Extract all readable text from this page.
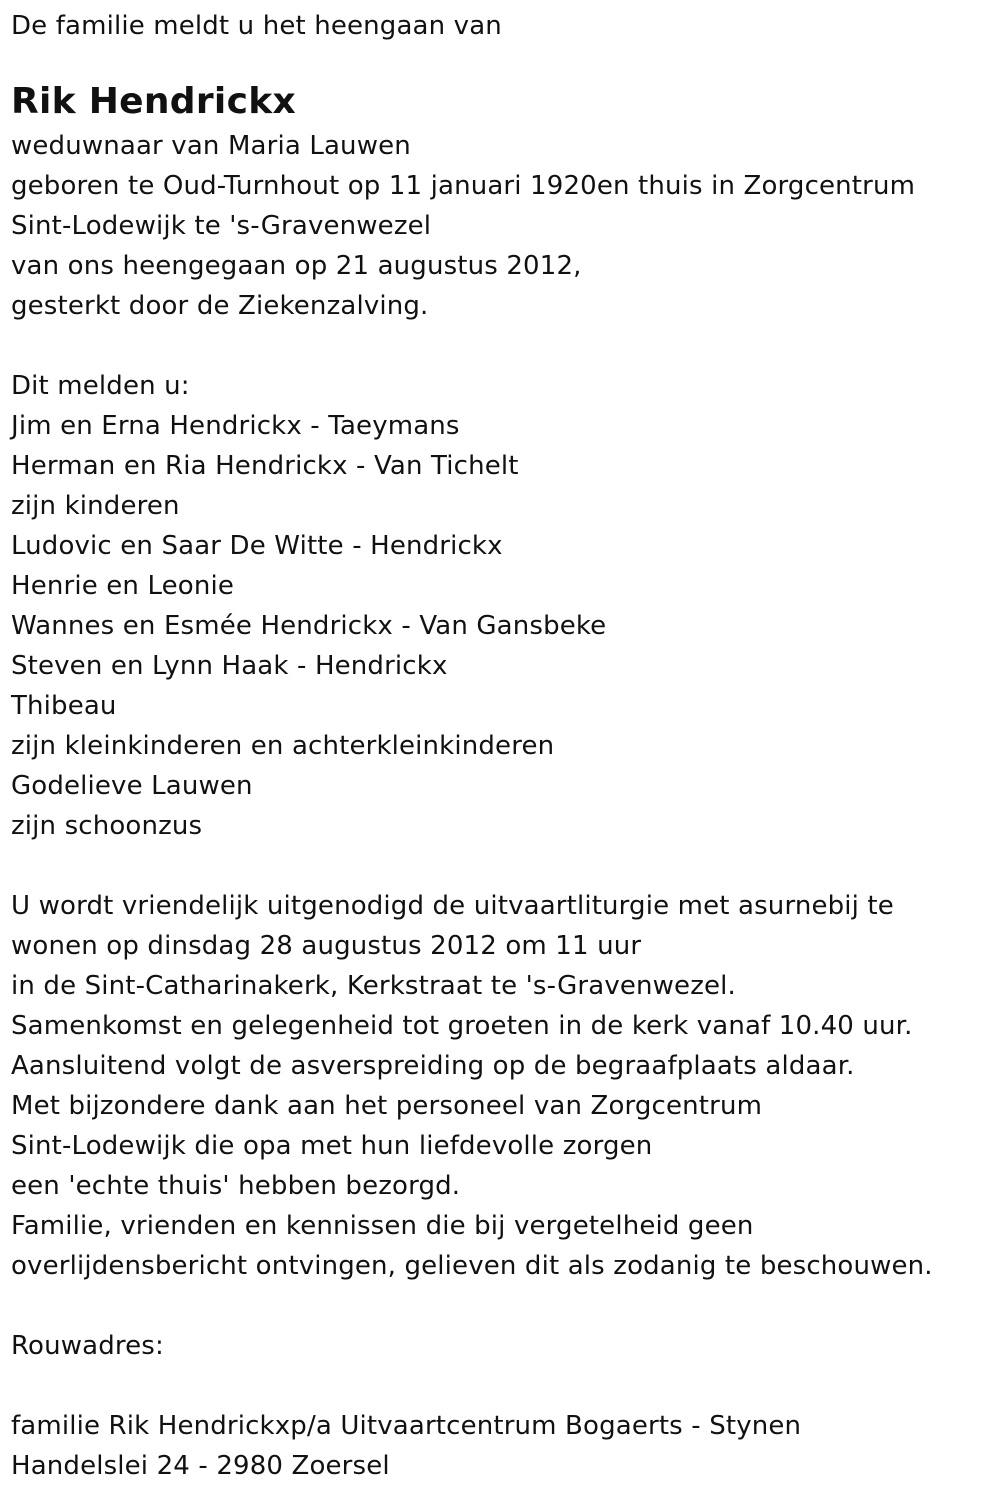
De familie meldt u het heengaan van
Rik Hendrickx
weduwnaar van Maria Lauwen
geboren te Oud-Turnhout op 11 januari 1920en thuis in Zorgcentrum
Sint-Lodewijk te 's-Gravenwezel
van ons heengegaan op 21 augustus 2012,
gesterkt door de Ziekenzalving.
Dit melden u:
Jim en Erna Hendrickx - Taeymans
Herman en Ria Hendrickx - Van Tichelt
zijn kinderen
Ludovic en Saar De Witte - Hendrickx
Henrie en Leonie
Wannes en Esmée Hendrickx - Van Gansbeke
Steven en Lynn Haak - Hendrickx
Thibeau
zijn kleinkinderen en achterkleinkinderen
Godelieve Lauwen
zijn schoonzus
U wordt vriendelijk uitgenodigd de uitvaartliturgie met asurnebij te
wonen op dinsdag 28 augustus 2012 om 11 uur
in de Sint-Catharinakerk, Kerkstraat te 's-Gravenwezel.
Samenkomst en gelegenheid tot groeten in de kerk vanaf 10.40 uur.
Aansluitend volgt de asverspreiding op de begraafplaats aldaar.
Met bijzondere dank aan het personeel van Zorgcentrum
Sint-Lodewijk die opa met hun liefdevolle zorgen
een 'echte thuis' hebben bezorgd.
Familie, vrienden en kennissen die bij vergetelheid geen
overlijdensbericht ontvingen, gelieven dit als zodanig te beschouwen.
Rouwadres:
familie Rik Hendrickxp/a Uitvaartcentrum Bogaerts - Stynen
Handelslei 24 - 2980 Zoersel
